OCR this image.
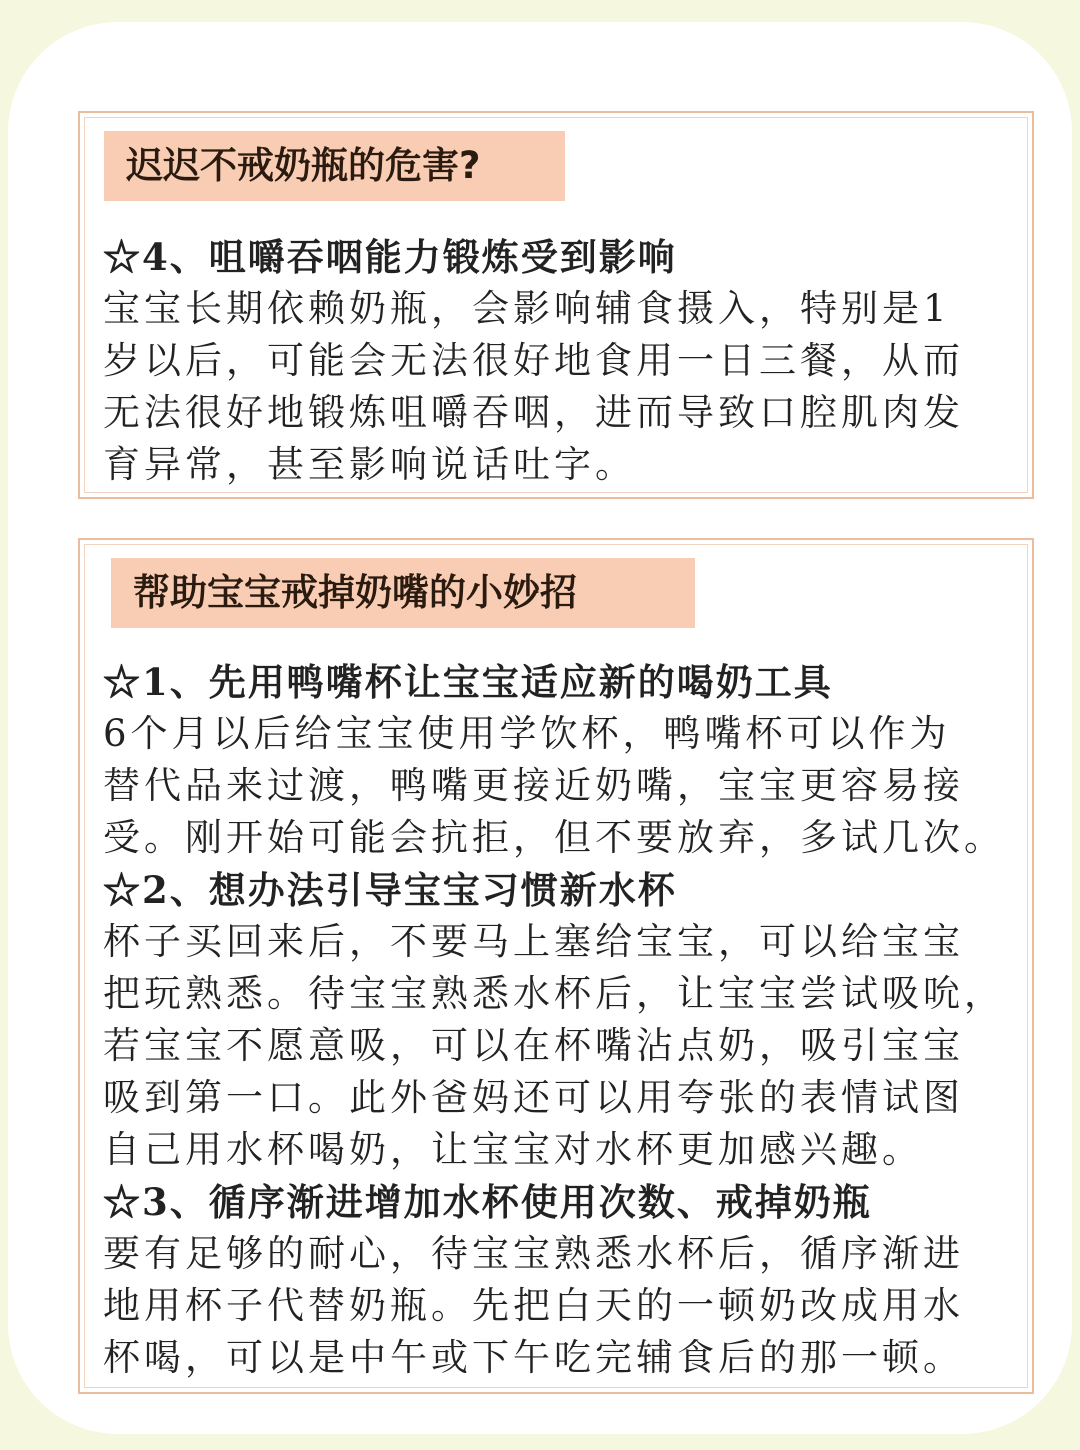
迟迟不戒奶瓶的危害?
☆4、咀嚼吞咽能力锻炼受到影响
宝宝长期依赖奶瓶，会影响辅食摄入，特别是1
岁以后，可能会无法很好地食用一日三餐，从而
无法很好地锻炼咀嚼吞咽，进而导致口腔肌肉发
育异常，甚至影响说话吐字。
帮助宝宝戒掉奶嘴的小妙招
☆1、先用鸭嘴杯让宝宝适应新的喝奶工具
6个月以后给宝宝使用学饮杯，鸭嘴杯可以作为
替代品来过渡，鸭嘴更接近奶嘴，宝宝更容易接
受。刚开始可能会抗拒，但不要放弃，多试几次。
☆2、想办法引导宝宝习惯新水杯
杯子买回来后，不要马上塞给宝宝，可以给宝宝
把玩熟悉。待宝宝熟悉水杯后，让宝宝尝试吸吮，
若宝宝不愿意吸，可以在杯嘴沾点奶，吸引宝宝
吸到第一口。此外爸妈还可以用夸张的表情试图
自己用水杯喝奶，让宝宝对水杯更加感兴趣。
☆3、循序渐进增加水杯使用次数、戒掉奶瓶
要有足够的耐心，待宝宝熟悉水杯后，循序渐进
地用杯子代替奶瓶。先把白天的一顿奶改成用水
杯喝，可以是中午或下午吃完辅食后的那一顿。
